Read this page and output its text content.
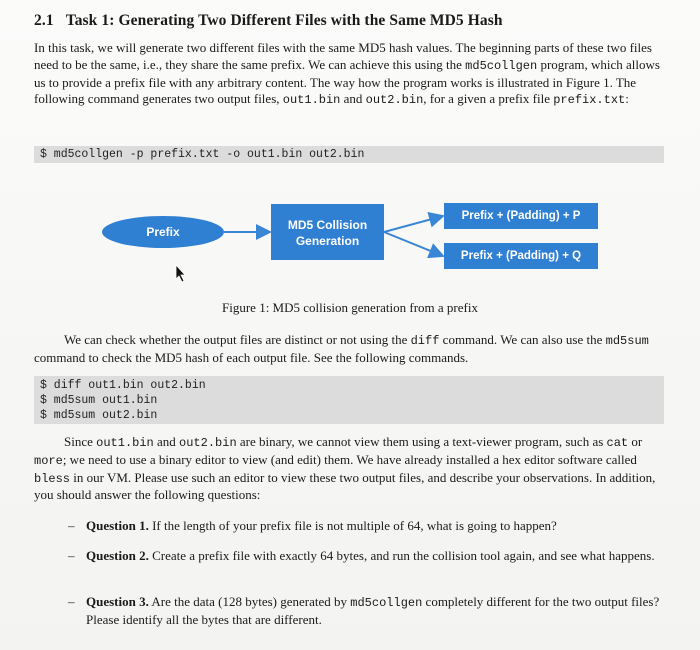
2.1 Task 1: Generating Two Different Files with the Same MD5 Hash
In this task, we will generate two different files with the same MD5 hash values. The beginning parts of these two files need to be the same, i.e., they share the same prefix. We can achieve this using the md5collgen program, which allows us to provide a prefix file with any arbitrary content. The way how the program works is illustrated in Figure 1. The following command generates two output files, out1.bin and out2.bin, for a given a prefix file prefix.txt:
$ md5collgen -p prefix.txt -o out1.bin out2.bin
Prefix	MD5 Collision
Generation
Prefix + (Padding) + P
Prefix + (Padding) + Q
Figure 1: MD5 collision generation from a prefix
We can check whether the output files are distinct or not using the diff command. We can also use the md5sum command to check the MD5 hash of each output file. See the following commands.
$ diff out1.bin out2.bin
$ md5sum out1.bin
$ md5sum out2.bin
Since out1.bin and out2.bin are binary, we cannot view them using a text-viewer program, such as cat or more; we need to use a binary editor to view (and edit) them. We have already installed a hex editor software called bless in our VM. Please use such an editor to view these two output files, and describe your observations. In addition, you should answer the following questions:
– Question 1. If the length of your prefix file is not multiple of 64, what is going to happen?
– Question 2. Create a prefix file with exactly 64 bytes, and run the collision tool again, and see what happens.
– Question 3. Are the data (128 bytes) generated by md5collgen completely different for the two output files? Please identify all the bytes that are different.
